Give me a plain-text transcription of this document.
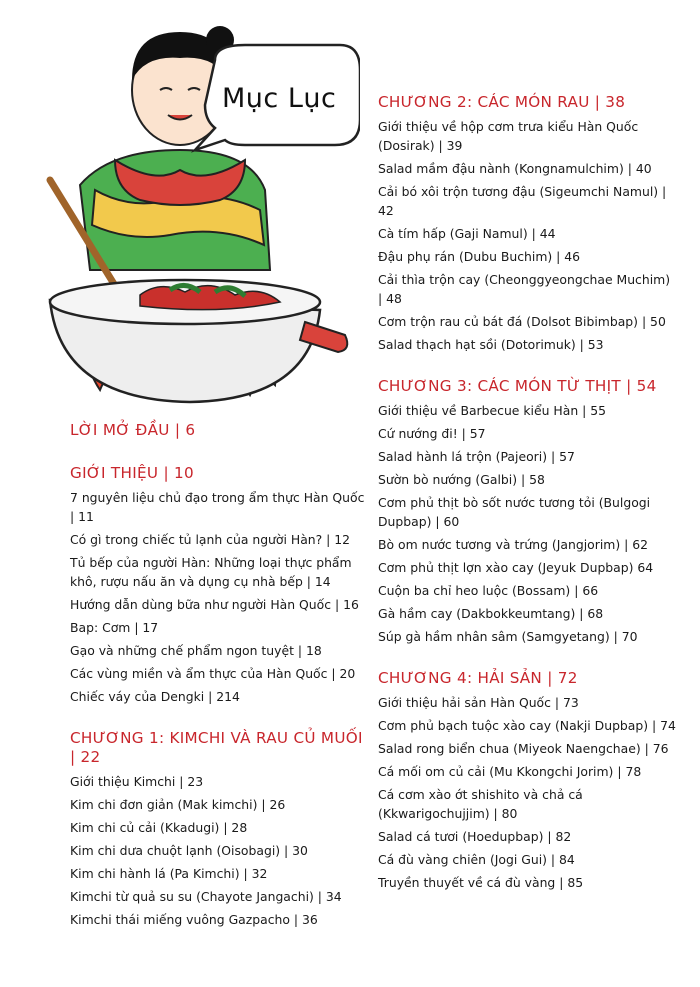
Mục Lục
LỜI MỞ ĐẦU | 6
GIỚI THIỆU | 10
7 nguyên liệu chủ đạo trong ẩm thực Hàn Quốc | 11
Có gì trong chiếc tủ lạnh của người Hàn? | 12
Tủ bếp của người Hàn: Những loại thực phẩm khô, rượu nấu ăn và dụng cụ nhà bếp | 14
Hướng dẫn dùng bữa như người Hàn Quốc | 16
Bap: Cơm | 17
Gạo và những chế phẩm ngon tuyệt | 18
Các vùng miền và ẩm thực của Hàn Quốc | 20
Chiếc váy của Dengki | 214
CHƯƠNG 1: KIMCHI VÀ RAU CỦ MUỐI | 22
Giới thiệu Kimchi | 23
Kim chi đơn giản (Mak kimchi) | 26
Kim chi củ cải (Kkadugi) | 28
Kim chi dưa chuột lạnh (Oisobagi) | 30
Kim chi hành lá (Pa Kimchi) | 32
Kimchi từ quả su su (Chayote Jangachi) | 34
Kimchi thái miếng vuông Gazpacho | 36
CHƯƠNG 2: CÁC MÓN RAU | 38
Giới thiệu về hộp cơm trưa kiểu Hàn Quốc (Dosirak) | 39
Salad mầm đậu nành (Kongnamulchim) | 40
Cải bó xôi trộn tương đậu (Sigeumchi Namul) | 42
Cà tím hấp (Gaji Namul) | 44
Đậu phụ rán (Dubu Buchim) | 46
Cải thìa trộn cay (Cheonggyeongchae Muchim) | 48
Cơm trộn rau củ bát đá (Dolsot Bibimbap) | 50
Salad thạch hạt sồi (Dotorimuk) | 53
CHƯƠNG 3: CÁC MÓN TỪ THỊT | 54
Giới thiệu về Barbecue kiểu Hàn | 55
Cứ nướng đi! | 57
Salad hành lá trộn (Pajeori) | 57
Sườn bò nướng (Galbi) | 58
Cơm phủ thịt bò sốt nước tương tỏi (Bulgogi Dupbap) | 60
Bò om nước tương và trứng (Jangjorim) | 62
Cơm phủ thịt lợn xào cay (Jeyuk Dupbap) 64
Cuộn ba chỉ heo luộc (Bossam) | 66
Gà hầm cay (Dakbokkeumtang) | 68
Súp gà hầm nhân sâm (Samgyetang) | 70
CHƯƠNG 4: HẢI SẢN | 72
Giới thiệu hải sản Hàn Quốc | 73
Cơm phủ bạch tuộc xào cay (Nakji Dupbap) | 74
Salad rong biển chua (Miyeok Naengchae) | 76
Cá mối om củ cải (Mu Kkongchi Jorim) | 78
Cá cơm xào ớt shishito và chả cá (Kkwarigochujjim) | 80
Salad cá tươi (Hoedupbap) | 82
Cá đù vàng chiên (Jogi Gui) | 84
Truyền thuyết về cá đù vàng | 85
